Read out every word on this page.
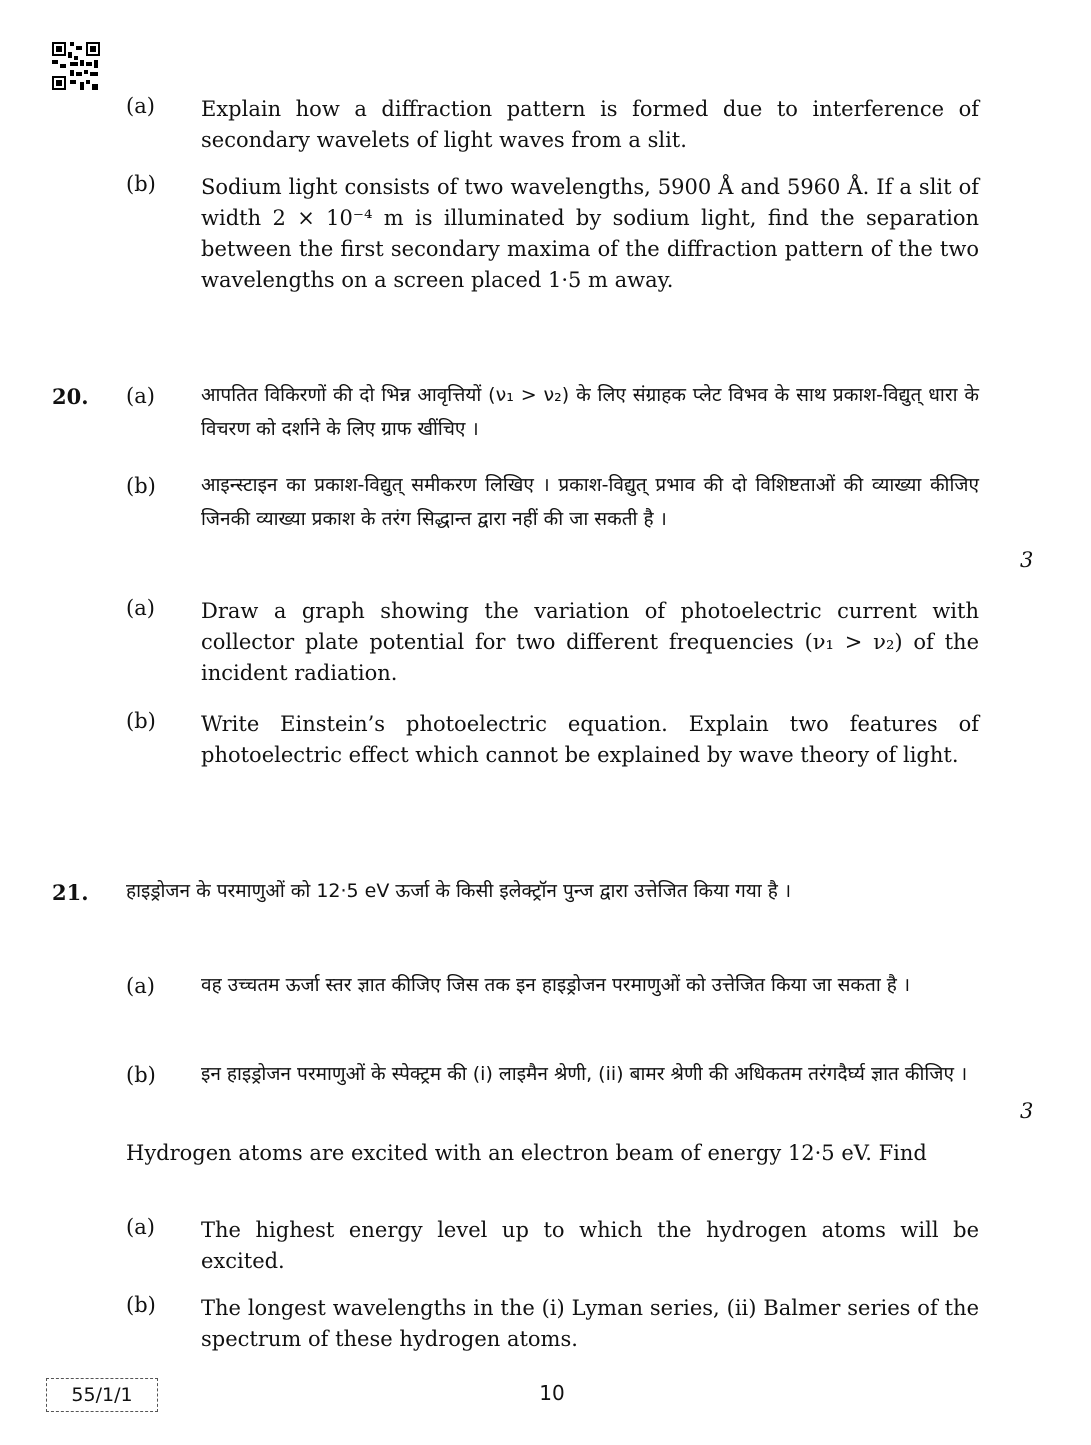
(a) Explain how a diffraction pattern is formed due to interference of secondary wavelets of light waves from a slit.
(b) Sodium light consists of two wavelengths, 5900 Å and 5960 Å. If a slit of width 2 × 10⁻⁴ m is illuminated by sodium light, find the separation between the first secondary maxima of the diffraction pattern of the two wavelengths on a screen placed 1·5 m away.
20. (a) आपतित विकिरणों की दो भिन्न आवृत्तियों (ν₁ > ν₂) के लिए संग्राहक प्लेट विभव के साथ प्रकाश-विद्युत् धारा के विचरण को दर्शाने के लिए ग्राफ खींचिए ।
(b) आइन्स्टाइन का प्रकाश-विद्युत् समीकरण लिखिए । प्रकाश-विद्युत् प्रभाव की दो विशिष्टताओं की व्याख्या कीजिए जिनकी व्याख्या प्रकाश के तरंग सिद्धान्त द्वारा नहीं की जा सकती है ।
3
(a) Draw a graph showing the variation of photoelectric current with collector plate potential for two different frequencies (ν₁ > ν₂) of the incident radiation.
(b) Write Einstein’s photoelectric equation. Explain two features of photoelectric effect which cannot be explained by wave theory of light.
21. हाइड्रोजन के परमाणुओं को 12·5 eV ऊर्जा के किसी इलेक्ट्रॉन पुन्ज द्वारा उत्तेजित किया गया है ।
(a) वह उच्चतम ऊर्जा स्तर ज्ञात कीजिए जिस तक इन हाइड्रोजन परमाणुओं को उत्तेजित किया जा सकता है ।
(b) इन हाइड्रोजन परमाणुओं के स्पेक्ट्रम की (i) लाइमैन श्रेणी, (ii) बामर श्रेणी की अधिकतम तरंगदैर्घ्य ज्ञात कीजिए ।
3
Hydrogen atoms are excited with an electron beam of energy 12·5 eV. Find
(a) The highest energy level up to which the hydrogen atoms will be excited.
(b) The longest wavelengths in the (i) Lyman series, (ii) Balmer series of the spectrum of these hydrogen atoms.
55/1/1	10
